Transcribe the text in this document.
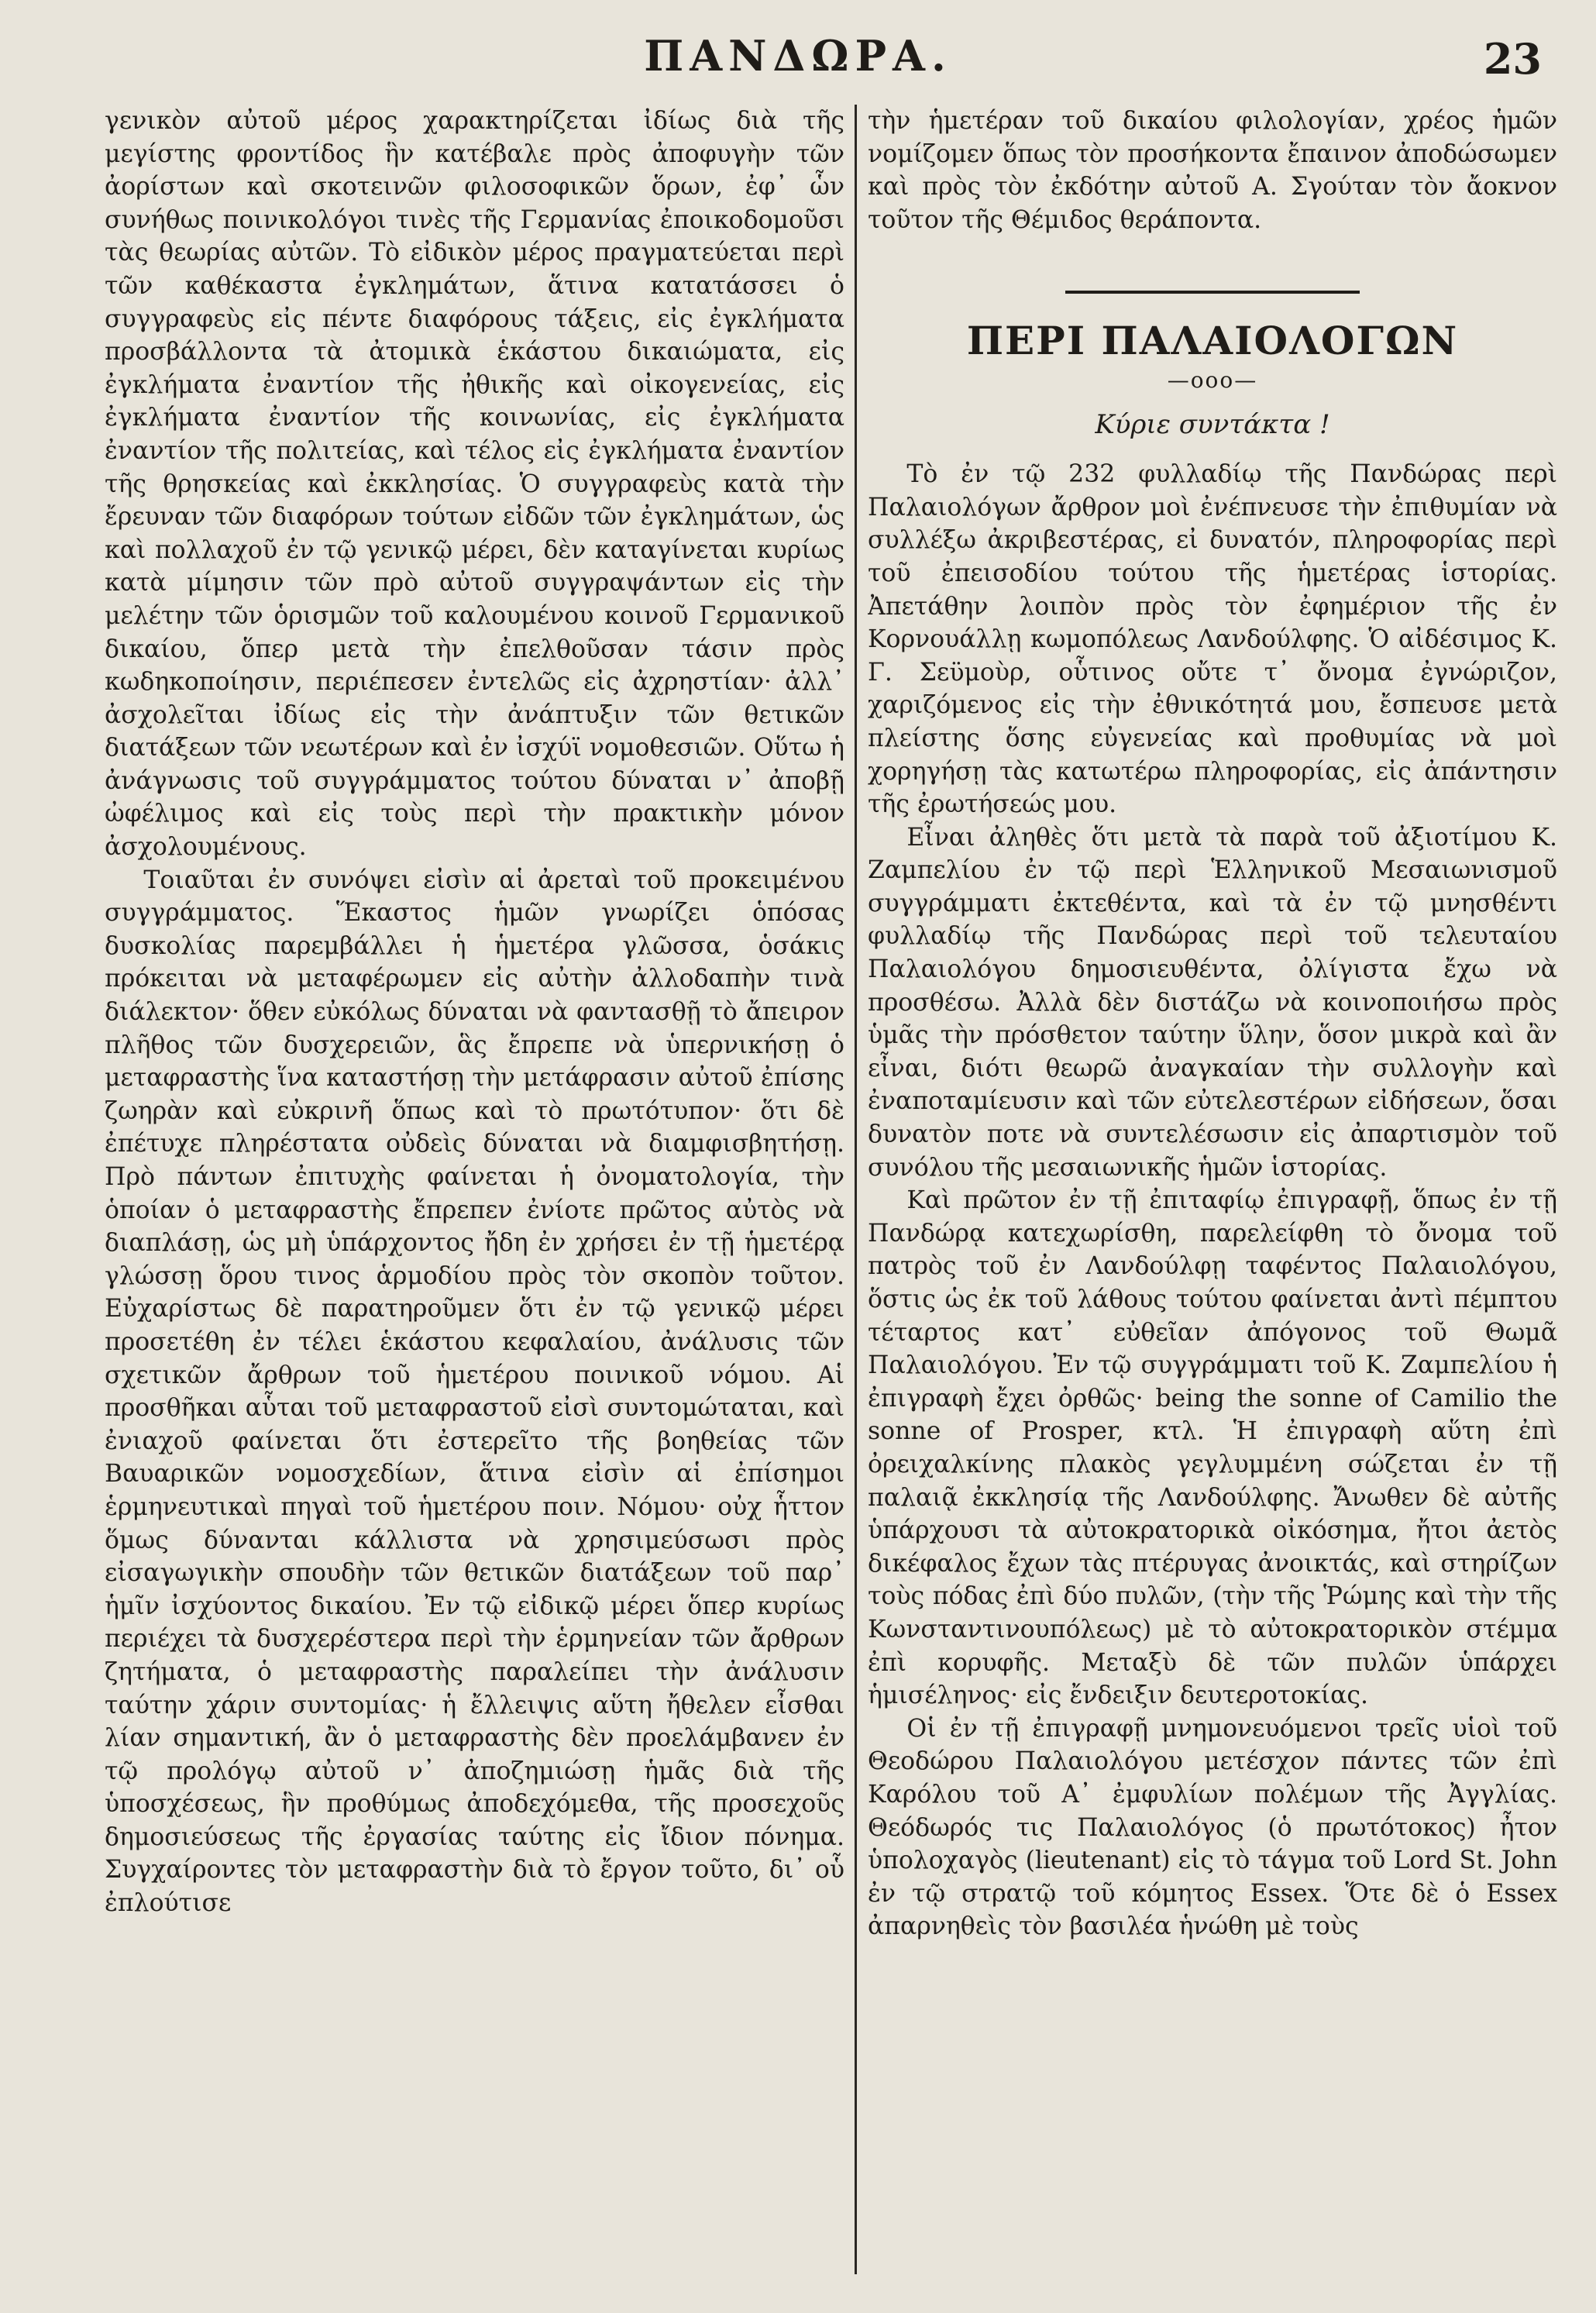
ΠΑΝΔΩΡΑ.	23

γενικὸν αὐτοῦ μέρος χαρακτηρίζεται ἰδίως διὰ τῆς μεγίστης φροντίδος ἣν κατέβαλε πρὸς ἀποφυγὴν τῶν ἀορίστων καὶ σκοτεινῶν φιλοσοφικῶν ὅρων, ἐφ᾽ ὧν συνήθως ποινικολόγοι τινὲς τῆς Γερμανίας ἐποικοδομοῦσι τὰς θεωρίας αὐτῶν. Τὸ εἰδικὸν μέρος πραγματεύεται περὶ τῶν καθέκαστα ἐγκλημάτων, ἅτινα κατατάσσει ὁ συγγραφεὺς εἰς πέντε διαφόρους τάξεις, εἰς ἐγκλήματα προσβάλλοντα τὰ ἀτομικὰ ἑκάστου δικαιώματα, εἰς ἐγκλήματα ἐναντίον τῆς ἠθικῆς καὶ οἰκογενείας, εἰς ἐγκλήματα ἐναντίον τῆς κοινωνίας, εἰς ἐγκλήματα ἐναντίον τῆς πολιτείας, καὶ τέλος εἰς ἐγκλήματα ἐναντίον τῆς θρησκείας καὶ ἐκκλησίας. Ὁ συγγραφεὺς κατὰ τὴν ἔρευναν τῶν διαφόρων τούτων εἰδῶν τῶν ἐγκλημάτων, ὡς καὶ πολλαχοῦ ἐν τῷ γενικῷ μέρει, δὲν καταγίνεται κυρίως κατὰ μίμησιν τῶν πρὸ αὐτοῦ συγγραψάντων εἰς τὴν μελέτην τῶν ὁρισμῶν τοῦ καλουμένου κοινοῦ Γερμανικοῦ δικαίου, ὅπερ μετὰ τὴν ἐπελθοῦσαν τάσιν πρὸς κωδηκοποίησιν, περιέπεσεν ἐντελῶς εἰς ἀχρηστίαν· ἀλλ᾽ ἀσχολεῖται ἰδίως εἰς τὴν ἀνάπτυξιν τῶν θετικῶν διατάξεων τῶν νεωτέρων καὶ ἐν ἰσχύϊ νομοθεσιῶν. Οὕτω ἡ ἀνάγνωσις τοῦ συγγράμματος τούτου δύναται ν᾽ ἀποβῇ ὠφέλιμος καὶ εἰς τοὺς περὶ τὴν πρακτικὴν μόνον ἀσχολουμένους.

Τοιαῦται ἐν συνόψει εἰσὶν αἱ ἀρεταὶ τοῦ προκειμένου συγγράμματος. Ἕκαστος ἡμῶν γνωρίζει ὁπόσας δυσκολίας παρεμβάλλει ἡ ἡμετέρα γλῶσσα, ὁσάκις πρόκειται νὰ μεταφέρωμεν εἰς αὐτὴν ἀλλοδαπὴν τινὰ διάλεκτον· ὅθεν εὐκόλως δύναται νὰ φαντασθῇ τὸ ἄπειρον πλῆθος τῶν δυσχερειῶν, ἃς ἔπρεπε νὰ ὑπερνικήσῃ ὁ μεταφραστὴς ἵνα καταστήσῃ τὴν μετάφρασιν αὐτοῦ ἐπίσης ζωηρὰν καὶ εὐκρινῆ ὅπως καὶ τὸ πρωτότυπον· ὅτι δὲ ἐπέτυχε πληρέστατα οὐδεὶς δύναται νὰ διαμφισβητήσῃ. Πρὸ πάντων ἐπιτυχὴς φαίνεται ἡ ὀνοματολογία, τὴν ὁποίαν ὁ μεταφραστὴς ἔπρεπεν ἐνίοτε πρῶτος αὐτὸς νὰ διαπλάσῃ, ὡς μὴ ὑπάρχοντος ἤδη ἐν χρήσει ἐν τῇ ἡμετέρᾳ γλώσσῃ ὅρου τινος ἁρμοδίου πρὸς τὸν σκοπὸν τοῦτον. Εὐχαρίστως δὲ παρατηροῦμεν ὅτι ἐν τῷ γενικῷ μέρει προσετέθη ἐν τέλει ἑκάστου κεφαλαίου, ἀνάλυσις τῶν σχετικῶν ἄρθρων τοῦ ἡμετέρου ποινικοῦ νόμου. Αἱ προσθῆκαι αὗται τοῦ μεταφραστοῦ εἰσὶ συντομώταται, καὶ ἐνιαχοῦ φαίνεται ὅτι ἐστερεῖτο τῆς βοηθείας τῶν Βαυαρικῶν νομοσχεδίων, ἅτινα εἰσὶν αἱ ἐπίσημοι ἑρμηνευτικαὶ πηγαὶ τοῦ ἡμετέρου ποιν. Νόμου· οὐχ ἧττον ὅμως δύνανται κάλλιστα νὰ χρησιμεύσωσι πρὸς εἰσαγωγικὴν σπουδὴν τῶν θετικῶν διατάξεων τοῦ παρ᾽ ἡμῖν ἰσχύοντος δικαίου. Ἐν τῷ εἰδικῷ μέρει ὅπερ κυρίως περιέχει τὰ δυσχερέστερα περὶ τὴν ἑρμηνείαν τῶν ἄρθρων ζητήματα, ὁ μεταφραστὴς παραλείπει τὴν ἀνάλυσιν ταύτην χάριν συντομίας· ἡ ἔλλειψις αὕτη ἤθελεν εἶσθαι λίαν σημαντική, ἂν ὁ μεταφραστὴς δὲν προελάμβανεν ἐν τῷ προλόγῳ αὐτοῦ ν᾽ ἀποζημιώσῃ ἡμᾶς διὰ τῆς ὑποσχέσεως, ἣν προθύμως ἀποδεχόμεθα, τῆς προσεχοῦς δημοσιεύσεως τῆς ἐργασίας ταύτης εἰς ἴδιον πόνημα. Συγχαίροντες τὸν μεταφραστὴν διὰ τὸ ἔργον τοῦτο, δι᾽ οὗ ἐπλούτισε

τὴν ἡμετέραν τοῦ δικαίου φιλολογίαν, χρέος ἡμῶν νομίζομεν ὅπως τὸν προσήκοντα ἔπαινον ἀποδώσωμεν καὶ πρὸς τὸν ἐκδότην αὐτοῦ Α. Σγούταν τὸν ἄοκνον τοῦτον τῆς Θέμιδος θεράποντα.

ΠΕΡΙ ΠΑΛΑΙΟΛΟΓΩΝ
—ooo—
Κύριε συντάκτα !

Τὸ ἐν τῷ 232 φυλλαδίῳ τῆς Πανδώρας περὶ Παλαιολόγων ἄρθρον μοὶ ἐνέπνευσε τὴν ἐπιθυμίαν νὰ συλλέξω ἀκριβεστέρας, εἰ δυνατόν, πληροφορίας περὶ τοῦ ἐπεισοδίου τούτου τῆς ἡμετέρας ἱστορίας. Ἀπετάθην λοιπὸν πρὸς τὸν ἐφημέριον τῆς ἐν Κορνουάλλῃ κωμοπόλεως Λανδούλφης. Ὁ αἰδέσιμος Κ. Γ. Σεϋμοὺρ, οὗτινος οὔτε τ᾽ ὄνομα ἐγνώριζον, χαριζόμενος εἰς τὴν ἐθνικότητά μου, ἔσπευσε μετὰ πλείστης ὅσης εὐγενείας καὶ προθυμίας νὰ μοὶ χορηγήσῃ τὰς κατωτέρω πληροφορίας, εἰς ἀπάντησιν τῆς ἐρωτήσεώς μου.

Εἶναι ἀληθὲς ὅτι μετὰ τὰ παρὰ τοῦ ἀξιοτίμου Κ. Ζαμπελίου ἐν τῷ περὶ Ἑλληνικοῦ Μεσαιωνισμοῦ συγγράμματι ἐκτεθέντα, καὶ τὰ ἐν τῷ μνησθέντι φυλλαδίῳ τῆς Πανδώρας περὶ τοῦ τελευταίου Παλαιολόγου δημοσιευθέντα, ὀλίγιστα ἔχω νὰ προσθέσω. Ἀλλὰ δὲν διστάζω νὰ κοινοποιήσω πρὸς ὑμᾶς τὴν πρόσθετον ταύτην ὕλην, ὅσον μικρὰ καὶ ἂν εἶναι, διότι θεωρῶ ἀναγκαίαν τὴν συλλογὴν καὶ ἐναποταμίευσιν καὶ τῶν εὐτελεστέρων εἰδήσεων, ὅσαι δυνατὸν ποτε νὰ συντελέσωσιν εἰς ἀπαρτισμὸν τοῦ συνόλου τῆς μεσαιωνικῆς ἡμῶν ἱστορίας.

Καὶ πρῶτον ἐν τῇ ἐπιταφίῳ ἐπιγραφῇ, ὅπως ἐν τῇ Πανδώρᾳ κατεχωρίσθη, παρελείφθη τὸ ὄνομα τοῦ πατρὸς τοῦ ἐν Λανδούλφῃ ταφέντος Παλαιολόγου, ὅστις ὡς ἐκ τοῦ λάθους τούτου φαίνεται ἀντὶ πέμπτου τέταρτος κατ᾽ εὐθεῖαν ἀπόγονος τοῦ Θωμᾶ Παλαιολόγου. Ἐν τῷ συγγράμματι τοῦ Κ. Ζαμπελίου ἡ ἐπιγραφὴ ἔχει ὀρθῶς· being the sonne of Camilio the sonne of Prosper, κτλ. Ἡ ἐπιγραφὴ αὕτη ἐπὶ ὀρειχαλκίνης πλακὸς γεγλυμμένη σώζεται ἐν τῇ παλαιᾷ ἐκκλησίᾳ τῆς Λανδούλφης. Ἄνωθεν δὲ αὐτῆς ὑπάρχουσι τὰ αὐτοκρατορικὰ οἰκόσημα, ἤτοι ἀετὸς δικέφαλος ἔχων τὰς πτέρυγας ἀνοικτάς, καὶ στηρίζων τοὺς πόδας ἐπὶ δύο πυλῶν, (τὴν τῆς Ῥώμης καὶ τὴν τῆς Κωνσταντινουπόλεως) μὲ τὸ αὐτοκρατορικὸν στέμμα ἐπὶ κορυφῆς. Μεταξὺ δὲ τῶν πυλῶν ὑπάρχει ἡμισέληνος· εἰς ἔνδειξιν δευτεροτοκίας.

Οἱ ἐν τῇ ἐπιγραφῇ μνημονευόμενοι τρεῖς υἱοὶ τοῦ Θεοδώρου Παλαιολόγου μετέσχον πάντες τῶν ἐπὶ Καρόλου τοῦ Α᾽ ἐμφυλίων πολέμων τῆς Ἀγγλίας. Θεόδωρός τις Παλαιολόγος (ὁ πρωτότοκος) ἦτον ὑπολοχαγὸς (lieutenant) εἰς τὸ τάγμα τοῦ Lord St. John ἐν τῷ στρατῷ τοῦ κόμητος Essex. Ὅτε δὲ ὁ Essex ἀπαρνηθεὶς τὸν βασιλέα ἡνώθη μὲ τοὺς
